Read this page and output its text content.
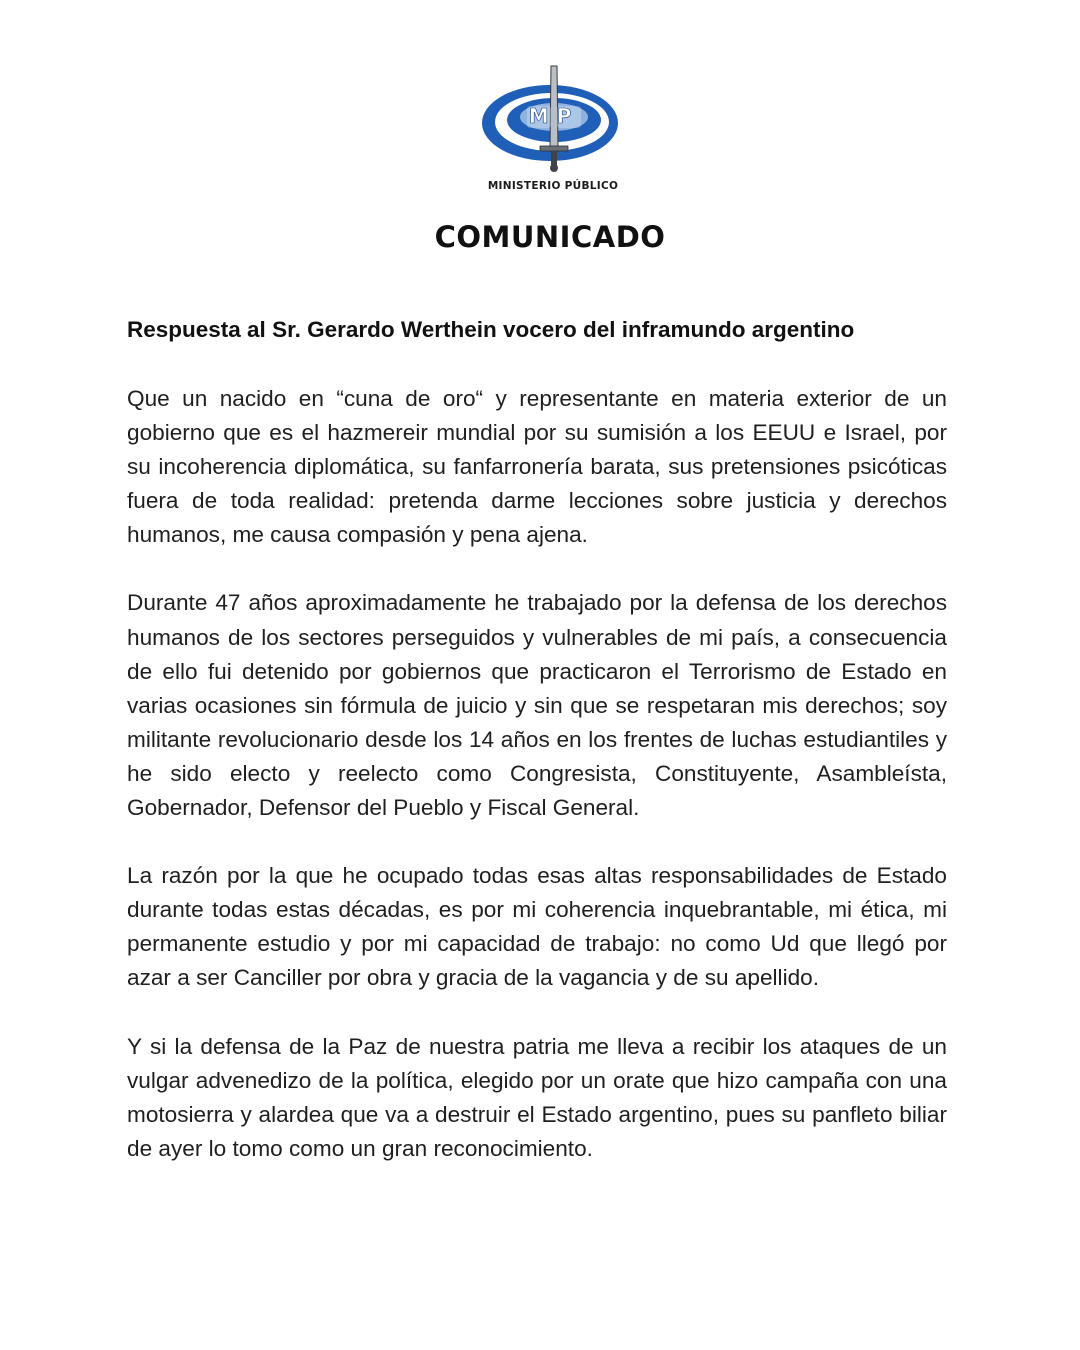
MP
MINISTERIO PÚBLICO
COMUNICADO
Respuesta al Sr. Gerardo Werthein vocero del inframundo argentino

Que un nacido en “cuna de oro“ y representante en materia exterior de un gobierno que es el hazmereir mundial por su sumisión a los EEUU e Israel, por su incoherencia diplomática, su fanfarronería barata, sus pretensiones psicóticas fuera de toda realidad: pretenda darme lecciones sobre justicia y derechos humanos, me causa compasión y pena ajena.

Durante 47 años aproximadamente he trabajado por la defensa de los derechos humanos de los sectores perseguidos y vulnerables de mi país, a consecuencia de ello fui detenido por gobiernos que practicaron el Terrorismo de Estado en varias ocasiones sin fórmula de juicio y sin que se respetaran mis derechos; soy militante revolucionario desde los 14 años en los frentes de luchas estudiantiles y he sido electo y reelecto como Congresista, Constituyente, Asambleísta, Gobernador, Defensor del Pueblo y Fiscal General.

La razón por la que he ocupado todas esas altas responsabilidades de Estado durante todas estas décadas, es por mi coherencia inquebrantable, mi ética, mi permanente estudio y por mi capacidad de trabajo: no como Ud que llegó por azar a ser Canciller por obra y gracia de la vagancia y de su apellido.

Y si la defensa de la Paz de nuestra patria me lleva a recibir los ataques de un vulgar advenedizo de la política, elegido por un orate que hizo campaña con una motosierra y alardea que va a destruir el Estado argentino, pues su panfleto biliar de ayer lo tomo como un gran reconocimiento.
